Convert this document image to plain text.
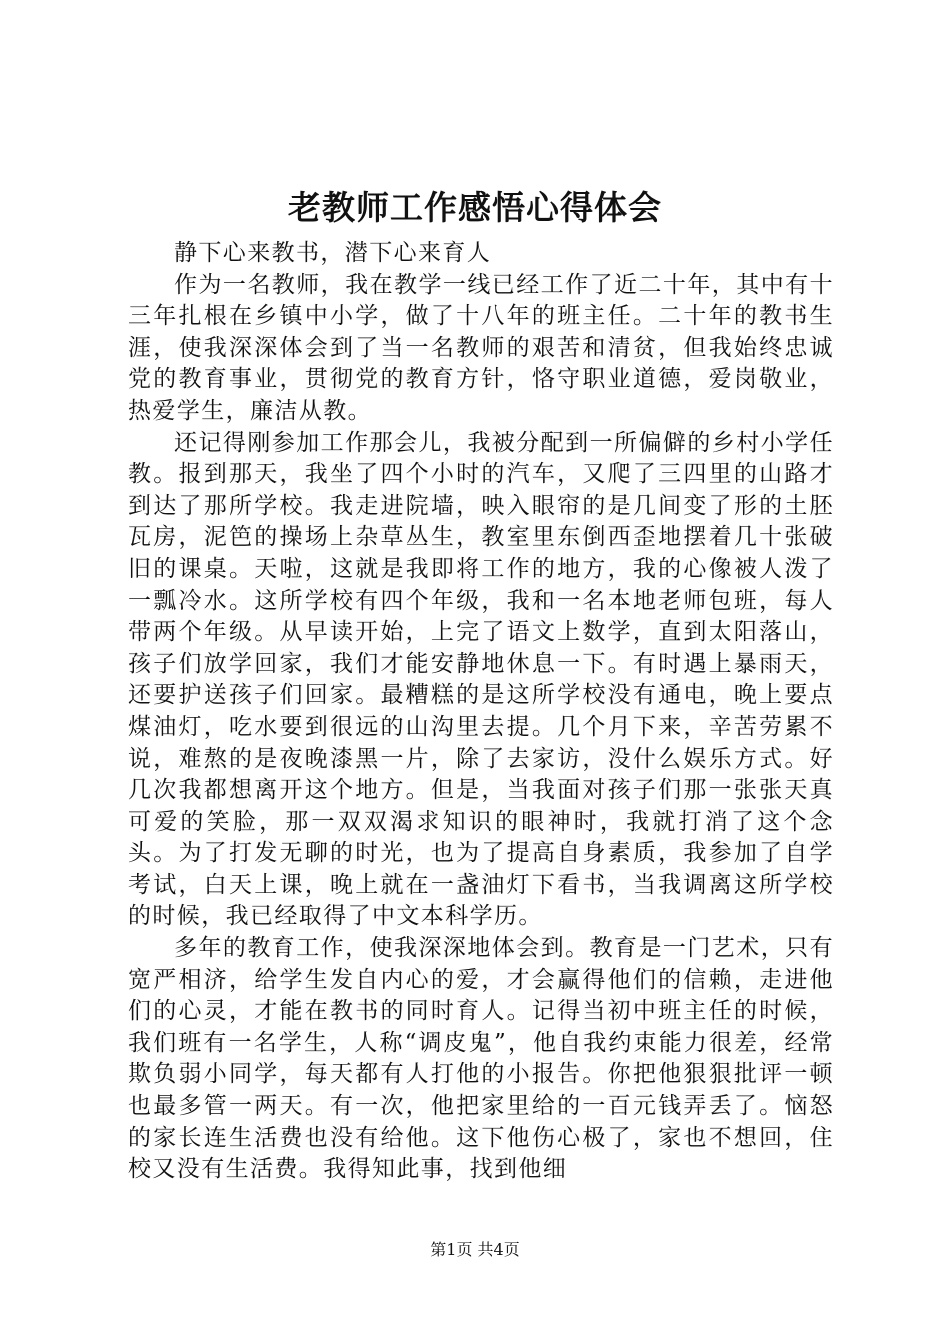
老教师工作感悟心得体会

静下心来教书，潜下心来育人

作为一名教师，我在教学一线已经工作了近二十年，其中有十三年扎根在乡镇中小学，做了十八年的班主任。二十年的教书生涯，使我深深体会到了当一名教师的艰苦和清贫，但我始终忠诚党的教育事业，贯彻党的教育方针，恪守职业道德，爱岗敬业，热爱学生，廉洁从教。

还记得刚参加工作那会儿，我被分配到一所偏僻的乡村小学任教。报到那天，我坐了四个小时的汽车，又爬了三四里的山路才到达了那所学校。我走进院墙，映入眼帘的是几间变了形的土胚瓦房，泥笆的操场上杂草丛生，教室里东倒西歪地摆着几十张破旧的课桌。天啦，这就是我即将工作的地方，我的心像被人泼了一瓢冷水。这所学校有四个年级，我和一名本地老师包班，每人带两个年级。从早读开始，上完了语文上数学，直到太阳落山，孩子们放学回家，我们才能安静地休息一下。有时遇上暴雨天，还要护送孩子们回家。最糟糕的是这所学校没有通电，晚上要点煤油灯，吃水要到很远的山沟里去提。几个月下来，辛苦劳累不说，难熬的是夜晚漆黑一片，除了去家访，没什么娱乐方式。好几次我都想离开这个地方。但是，当我面对孩子们那一张张天真可爱的笑脸，那一双双渴求知识的眼神时，我就打消了这个念头。为了打发无聊的时光，也为了提高自身素质，我参加了自学考试，白天上课，晚上就在一盏油灯下看书，当我调离这所学校的时候，我已经取得了中文本科学历。

多年的教育工作，使我深深地体会到。教育是一门艺术，只有宽严相济，给学生发自内心的爱，才会赢得他们的信赖，走进他们的心灵，才能在教书的同时育人。记得当初中班主任的时候，我们班有一名学生，人称“调皮鬼”，他自我约束能力很差，经常欺负弱小同学，每天都有人打他的小报告。你把他狠狠批评一顿也最多管一两天。有一次，他把家里给的一百元钱弄丢了。恼怒的家长连生活费也没有给他。这下他伤心极了，家也不想回，住校又没有生活费。我得知此事，找到他细

第1页 共4页
